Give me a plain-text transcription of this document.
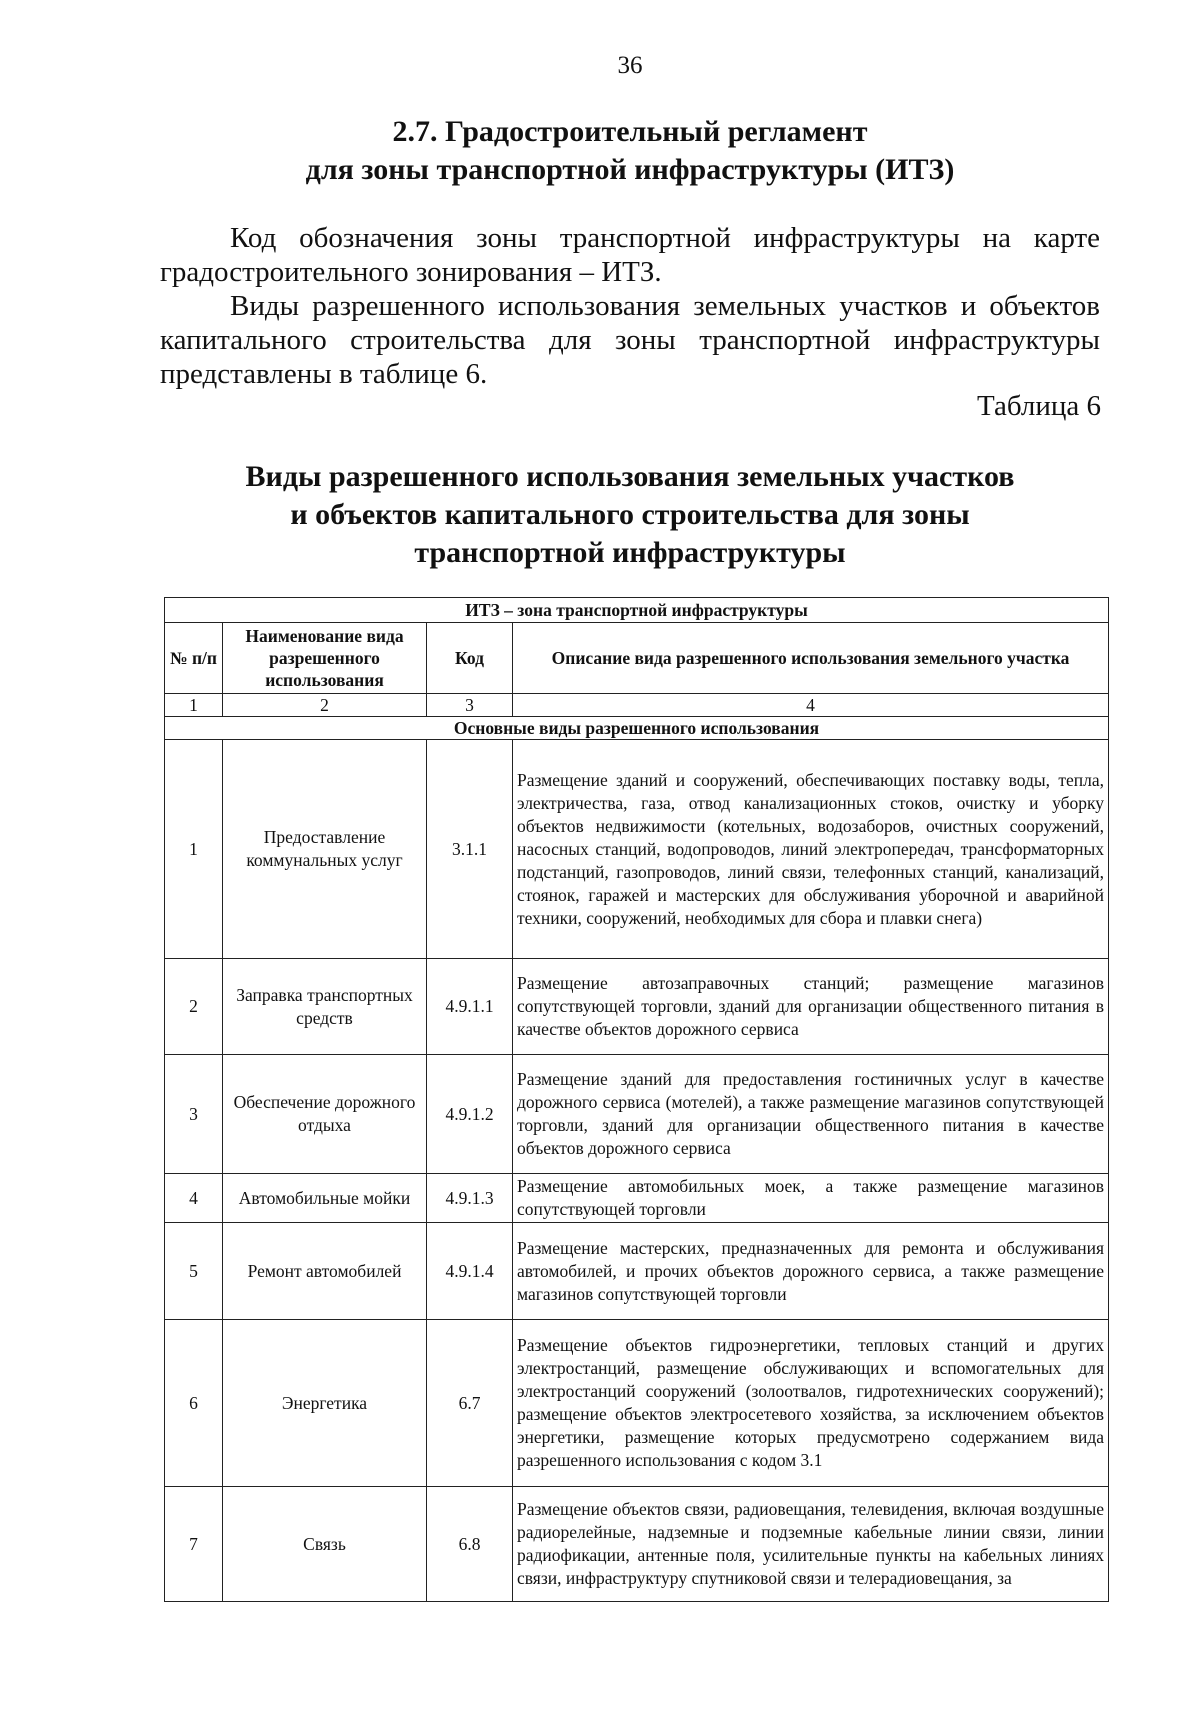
36
2.7. Градостроительный регламент
для зоны транспортной инфраструктуры (ИТЗ)
Код обозначения зоны транспортной инфраструктуры на карте градостроительного зонирования – ИТЗ.
Виды разрешенного использования земельных участков и объектов капитального строительства для зоны транспортной инфраструктуры представлены в таблице 6.
Таблица 6
Виды разрешенного использования земельных участков
и объектов капитального строительства для зоны
транспортной инфраструктуры
ИТЗ – зона транспортной инфраструктуры			
№ п/п	Наименование вида разрешенного использования	Код	Описание вида разрешенного использования земельного участка
1	2	3	4
Основные виды разрешенного использования			
1	Предоставление коммунальных услуг	3.1.1	Размещение зданий и сооружений, обеспечивающих поставку воды, тепла, электричества, газа, отвод канализационных стоков, очистку и уборку объектов недвижимости (котельных, водозаборов, очистных сооружений, насосных станций, водопроводов, линий электропередач, трансформаторных подстанций, газопроводов, линий связи, телефонных станций, канализаций, стоянок, гаражей и мастерских для обслуживания уборочной и аварийной техники, сооружений, необходимых для сбора и плавки снега)
2	Заправка транспортных средств	4.9.1.1	Размещение автозаправочных станций; размещение магазинов сопутствующей торговли, зданий для организации общественного питания в качестве объектов дорожного сервиса
3	Обеспечение дорожного отдыха	4.9.1.2	Размещение зданий для предоставления гостиничных услуг в качестве дорожного сервиса (мотелей), а также размещение магазинов сопутствующей торговли, зданий для организации общественного питания в качестве объектов дорожного сервиса
4	Автомобильные мойки	4.9.1.3	Размещение автомобильных моек, а также размещение магазинов сопутствующей торговли
5	Ремонт автомобилей	4.9.1.4	Размещение мастерских, предназначенных для ремонта и обслуживания автомобилей, и прочих объектов дорожного сервиса, а также размещение магазинов сопутствующей торговли
6	Энергетика	6.7	Размещение объектов гидроэнергетики, тепловых станций и других электростанций, размещение обслуживающих и вспомогательных для электростанций сооружений (золоотвалов, гидротехнических сооружений); размещение объектов электросетевого хозяйства, за исключением объектов энергетики, размещение которых предусмотрено содержанием вида разрешенного использования с кодом 3.1
7	Связь	6.8	Размещение объектов связи, радиовещания, телевидения, включая воздушные радиорелейные, надземные и подземные кабельные линии связи, линии радиофикации, антенные поля, усилительные пункты на кабельных линиях связи, инфраструктуру спутниковой связи и телерадиовещания, за
